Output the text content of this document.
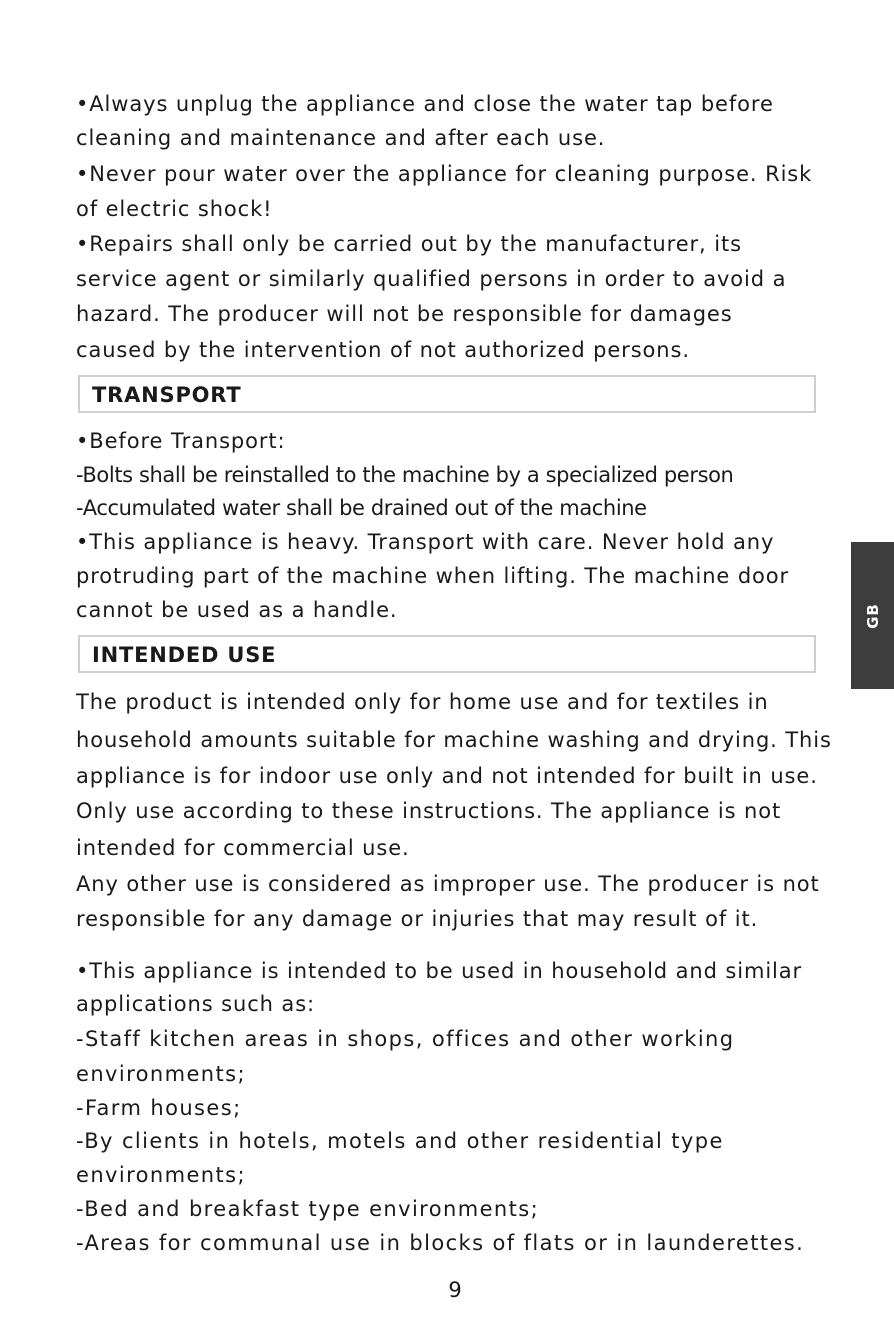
•Always unplug the appliance and close the water tap before

cleaning and maintenance and after each use.

•Never pour water over the appliance for cleaning purpose. Risk

of electric shock!

•Repairs shall only be carried out by the manufacturer, its

service agent or similarly qualified persons in order to avoid a

hazard. The producer will not be responsible for damages

caused by the intervention of not authorized persons.

TRANSPORT

•Before Transport:

-Bolts shall be reinstalled to the machine by a specialized person

-Accumulated water shall be drained out of the machine

•This appliance is heavy. Transport with care. Never hold any

protruding part of the machine when lifting. The machine door

cannot be used as a handle.

INTENDED USE

The product is intended only for home use and for textiles in

household amounts suitable for machine washing and drying. This

appliance is for indoor use only and not intended for built in use.

Only use according to these instructions. The appliance is not

intended for commercial use.

Any other use is considered as improper use. The producer is not

responsible for any damage or injuries that may result of it.

•This appliance is intended to be used in household and similar

applications such as:

-Staff kitchen areas in shops, offices and other working

environments;

-Farm houses;

-By clients in hotels, motels and other residential type

environments;

-Bed and breakfast type environments;

-Areas for communal use in blocks of flats or in launderettes.

GB

9
